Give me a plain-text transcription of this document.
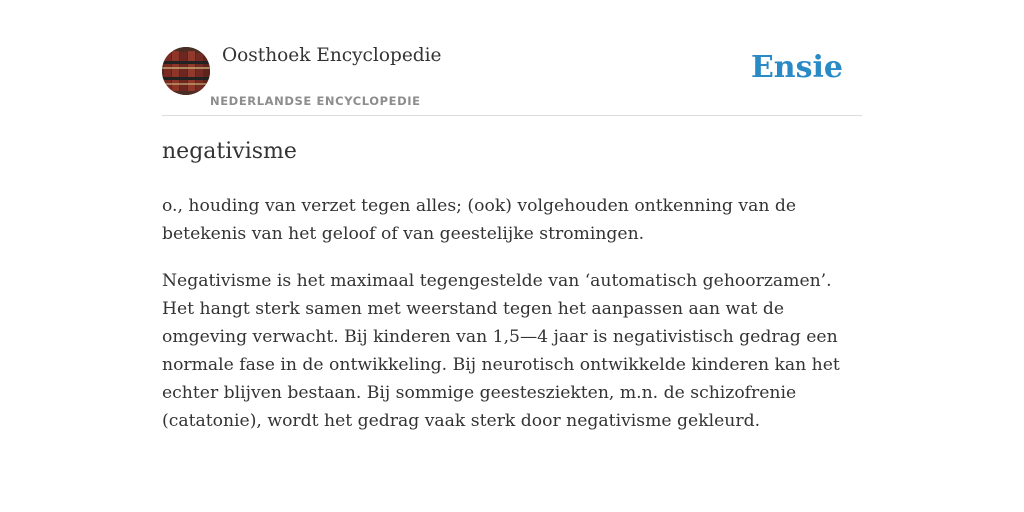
Oosthoek Encyclopedie
NEDERLANDSE ENCYCLOPEDIE
Ensie
negativisme

o., houding van verzet tegen alles; (ook) volgehouden ontkenning van de betekenis van het geloof of van geestelijke stromingen.

Negativisme is het maximaal tegengestelde van ‘automatisch gehoorzamen’. Het hangt sterk samen met weerstand tegen het aanpassen aan wat de omgeving verwacht. Bij kinderen van 1,5—4 jaar is negativistisch gedrag een normale fase in de ontwikkeling. Bij neurotisch ontwikkelde kinderen kan het echter blijven bestaan. Bij sommige geestesziekten, m.n. de schizofrenie (catatonie), wordt het gedrag vaak sterk door negativisme gekleurd.
